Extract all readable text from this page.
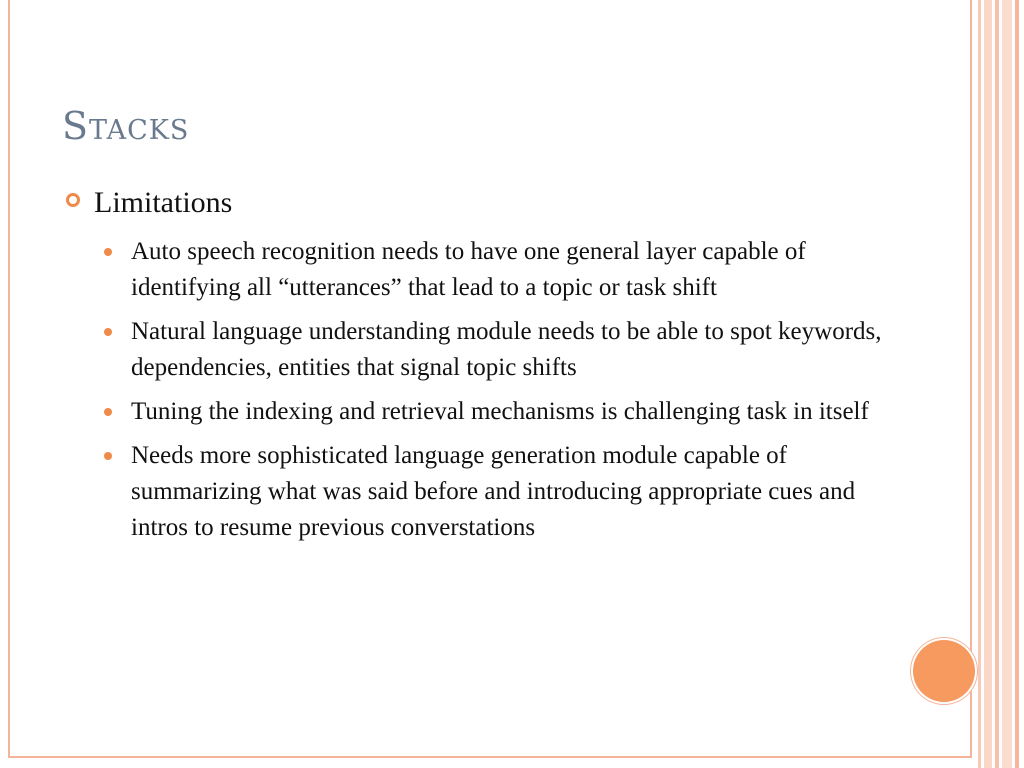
Stacks
Limitations
Auto speech recognition needs to have one general layer capable of identifying all “utterances” that lead to a topic or task shift
Natural language understanding module needs to be able to spot keywords, dependencies, entities that signal topic shifts
Tuning the indexing and retrieval mechanisms is challenging task in itself
Needs more sophisticated language generation module capable of summarizing what was said before and introducing appropriate cues and intros to resume previous converstations
